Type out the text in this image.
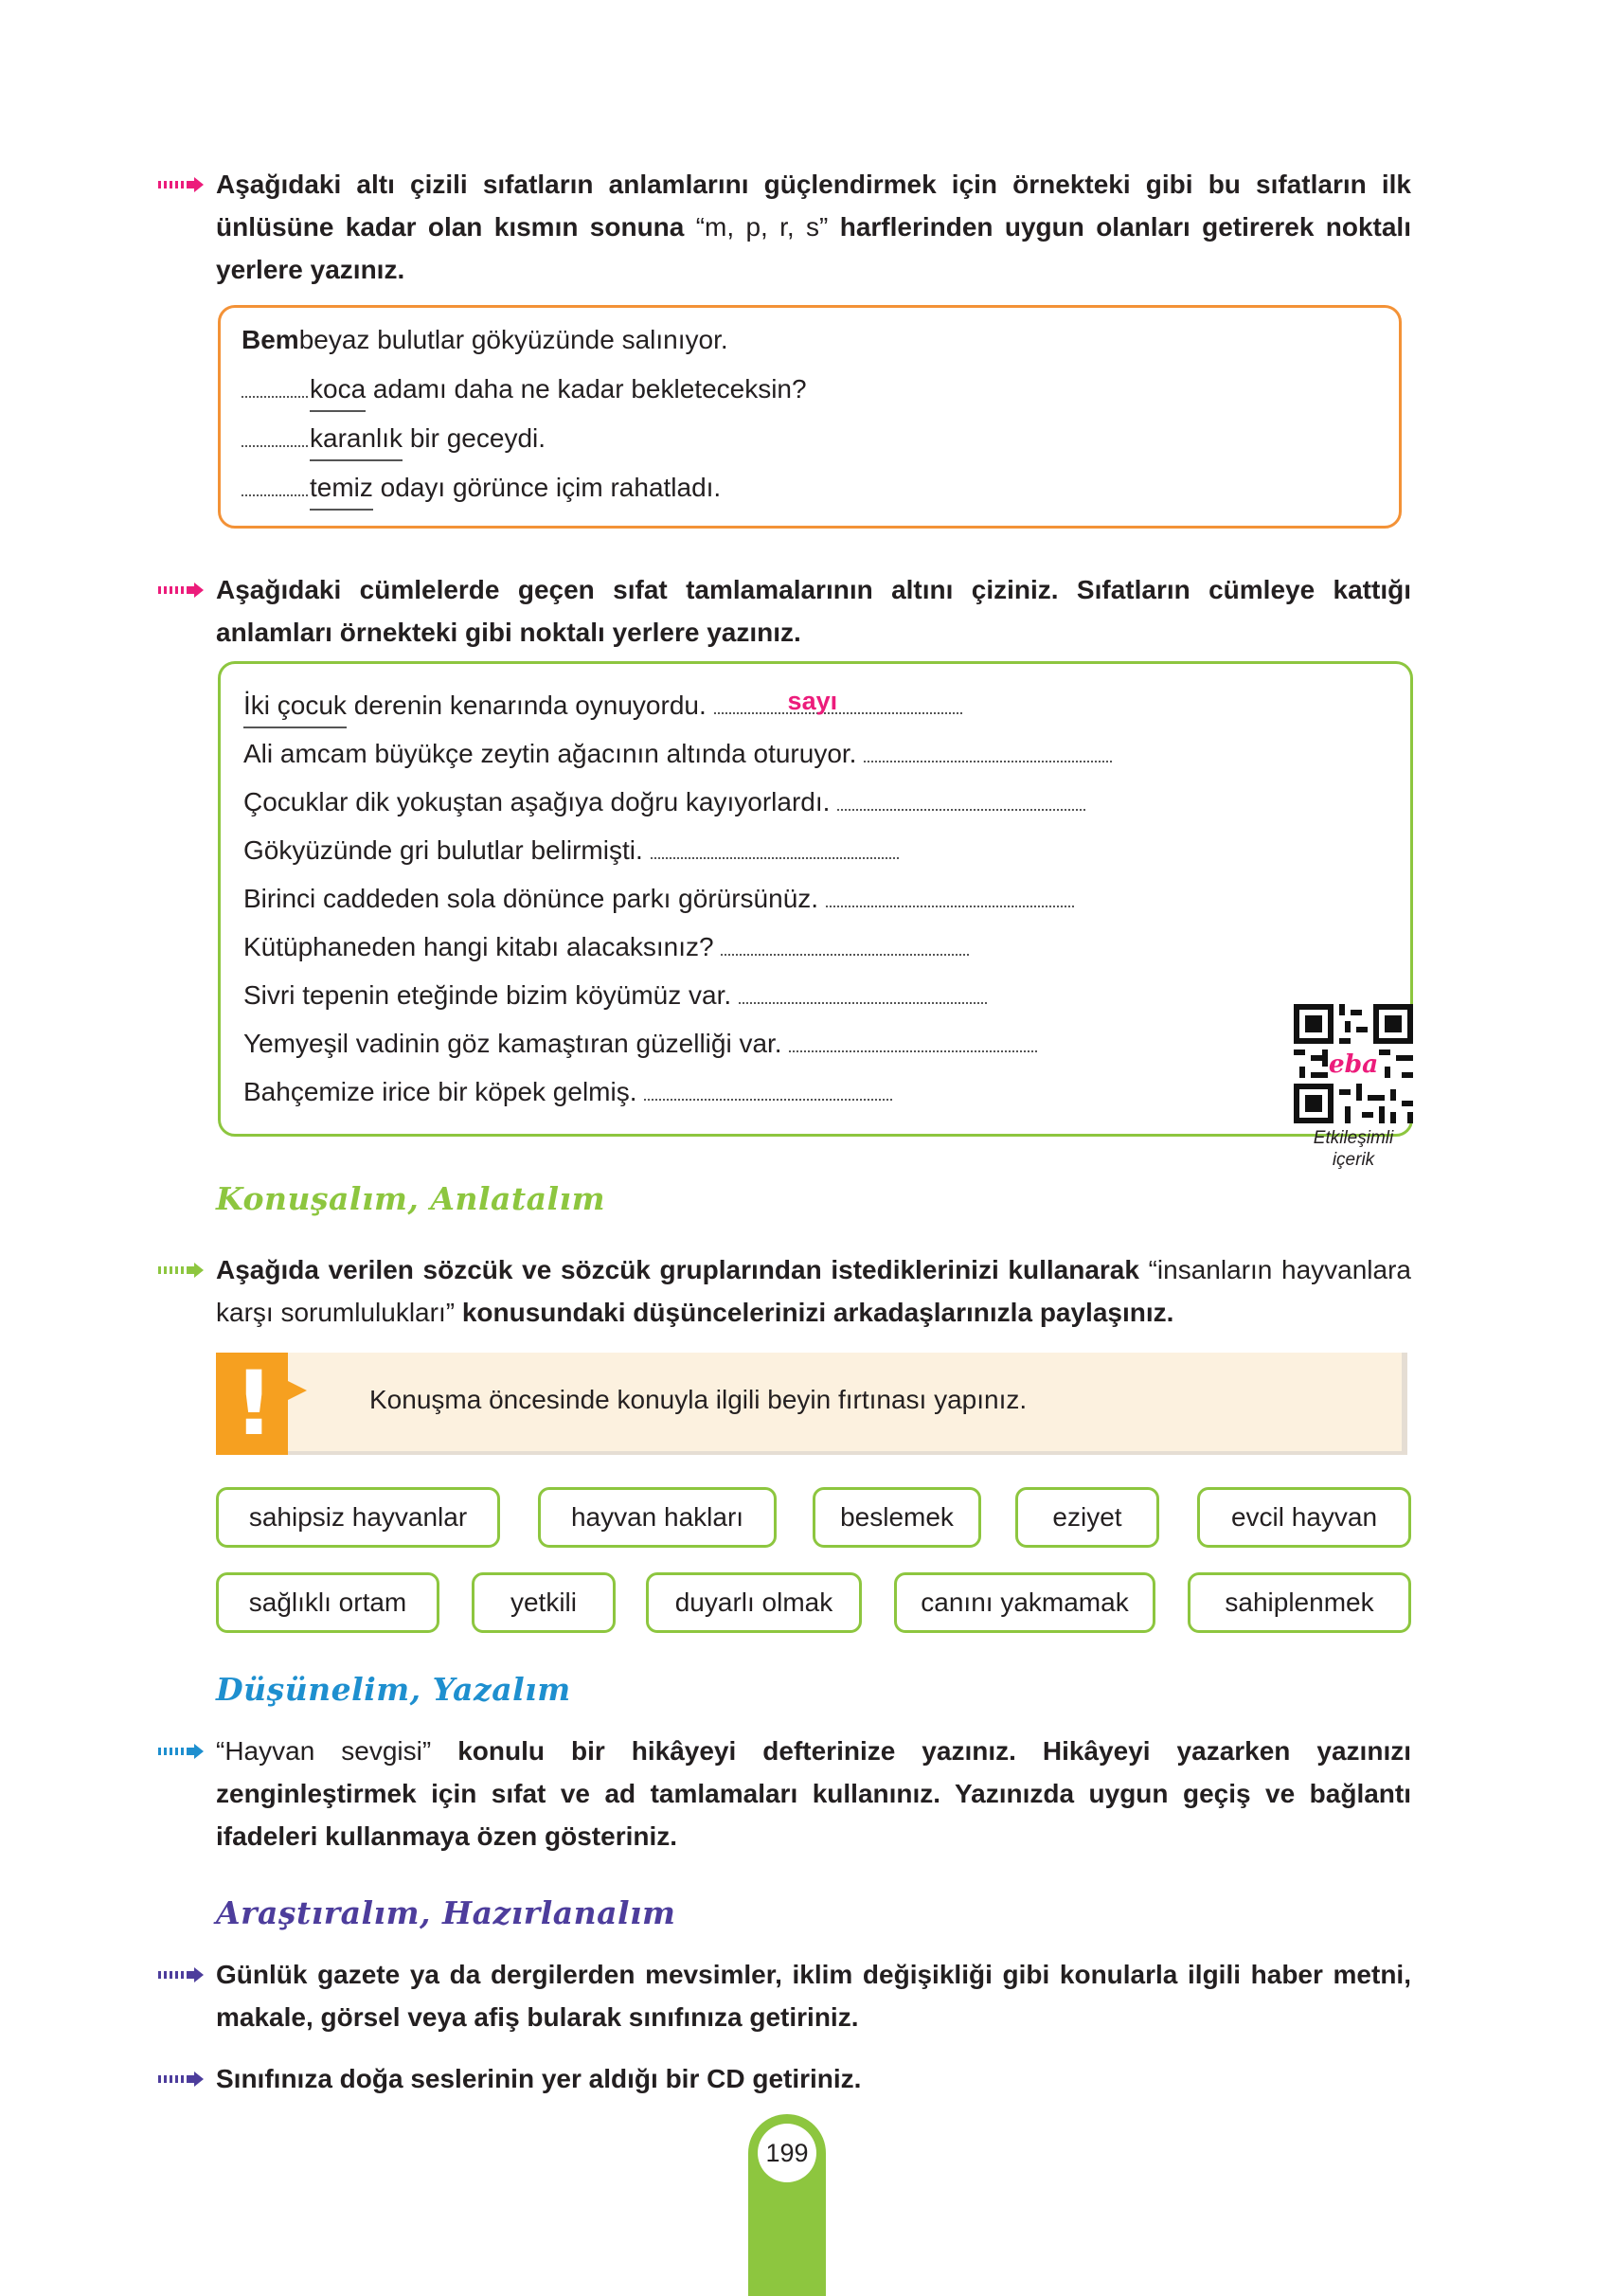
Aşağıdaki altı çizili sıfatların anlamlarını güçlendirmek için örnekteki gibi bu sıfatların ilk ünlüsüne kadar olan kısmın sonuna “m, p, r, s” harflerinden uygun olanları getirerek noktalı yerlere yazınız.
Bembeyaz bulutlar gökyüzünde salınıyor.
koca adamı daha ne kadar bekleteceksin?
karanlık bir geceydi.
temiz odayı görünce içim rahatladı.
Aşağıdaki cümlelerde geçen sıfat tamlamalarının altını çiziniz. Sıfatların cümleye kattığı anlamları örnekteki gibi noktalı yerlere yazınız.
İki çocuk derenin kenarında oynuyordu.	sayı
Ali amcam büyükçe zeytin ağacının altında oturuyor.
Çocuklar dik yokuştan aşağıya doğru kayıyorlardı.
Gökyüzünde gri bulutlar belirmişti.
Birinci caddeden sola dönünce parkı görürsünüz.
Kütüphaneden hangi kitabı alacaksınız?
Sivri tepenin eteğinde bizim köyümüz var.
Yemyeşil vadinin göz kamaştıran güzelliği var.
Bahçemize irice bir köpek gelmiş.
eba
Etkileşimli
içerik
Konuşalım, Anlatalım
Aşağıda verilen sözcük ve sözcük gruplarından istediklerinizi kullanarak “insanların hayvanlara karşı sorumlulukları” konusundaki düşüncelerinizi arkadaşlarınızla paylaşınız.
!	Konuşma öncesinde konuyla ilgili beyin fırtınası yapınız.
sahipsiz hayvanlar	hayvan hakları	beslemek	eziyet	evcil hayvan
sağlıklı ortam	yetkili	duyarlı olmak	canını yakmamak	sahiplenmek
Düşünelim, Yazalım
“Hayvan sevgisi” konulu bir hikâyeyi defterinize yazınız. Hikâyeyi yazarken yazınızı zenginleştirmek için sıfat ve ad tamlamaları kullanınız. Yazınızda uygun geçiş ve bağlantı ifadeleri kullanmaya özen gösteriniz.
Araştıralım, Hazırlanalım
Günlük gazete ya da dergilerden mevsimler, iklim değişikliği gibi konularla ilgili haber metni, makale, görsel veya afiş bularak sınıfınıza getiriniz.
Sınıfınıza doğa seslerinin yer aldığı bir CD getiriniz.
199
